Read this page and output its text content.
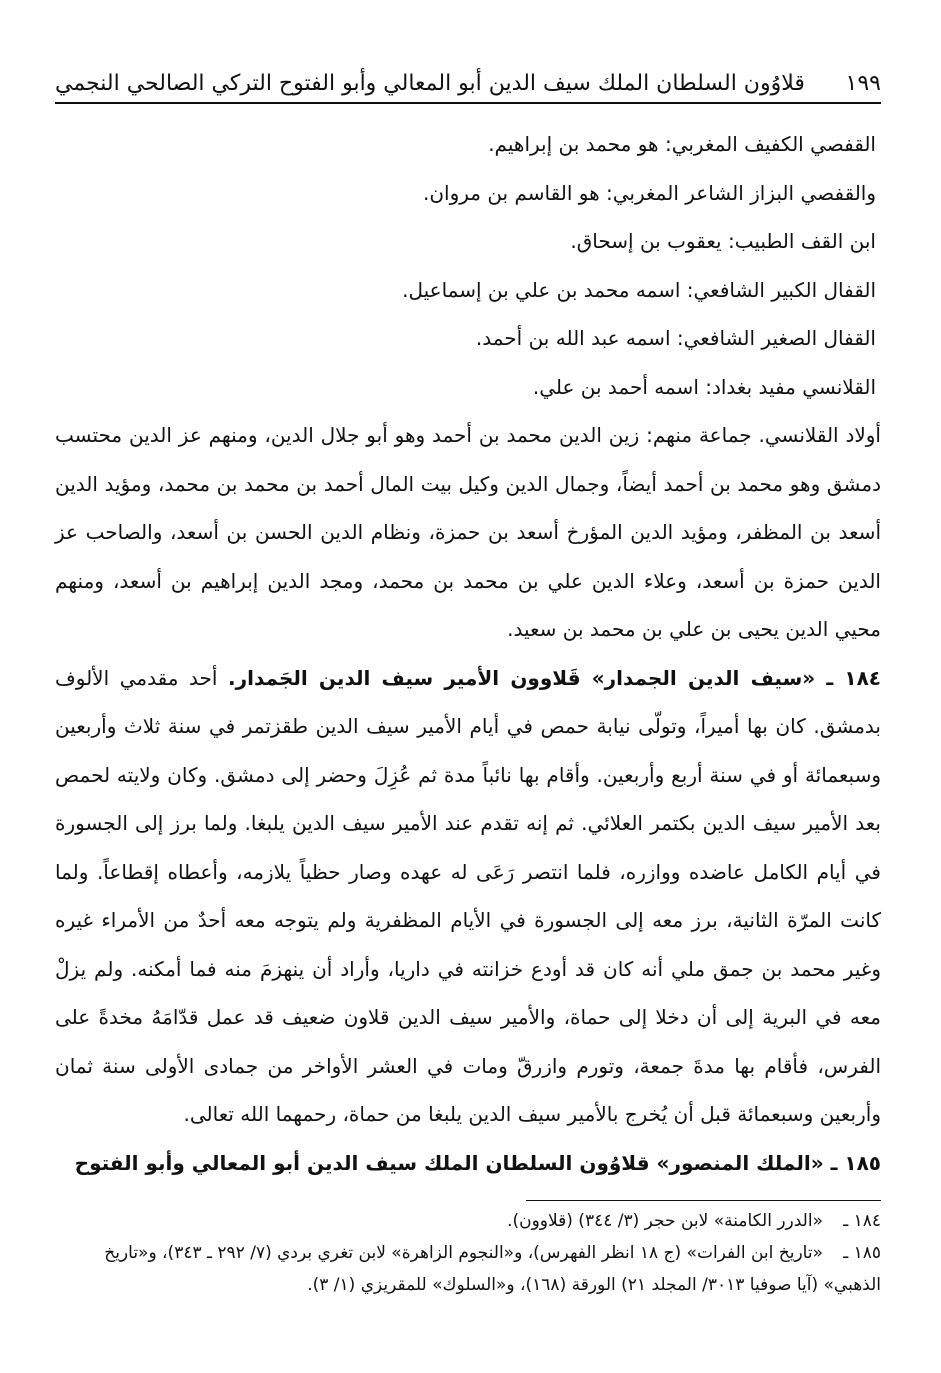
قلاوُون السلطان الملك سيف الدين أبو المعالي وأبو الفتوح التركي الصالحي النجمي ١٩٩

القفصي الكفيف المغربي: هو محمد بن إبراهيم.

والقفصي البزاز الشاعر المغربي: هو القاسم بن مروان.

ابن القف الطبيب: يعقوب بن إسحاق.

القفال الكبير الشافعي: اسمه محمد بن علي بن إسماعيل.

القفال الصغير الشافعي: اسمه عبد الله بن أحمد.

القلانسي مفيد بغداد: اسمه أحمد بن علي.

أولاد القلانسي. جماعة منهم: زين الدين محمد بن أحمد وهو أبو جلال الدين، ومنهم عز الدين محتسب دمشق وهو محمد بن أحمد أيضاً، وجمال الدين وكيل بيت المال أحمد بن محمد بن محمد، ومؤيد الدين أسعد بن المظفر، ومؤيد الدين المؤرخ أسعد بن حمزة، ونظام الدين الحسن بن أسعد، والصاحب عز الدين حمزة بن أسعد، وعلاء الدين علي بن محمد بن محمد، ومجد الدين إبراهيم بن أسعد، ومنهم محيي الدين يحيى بن علي بن محمد بن سعيد.

١٨٤ ـ «سيف الدين الجمدار» قَلاوون الأمير سيف الدين الجَمدار. أحد مقدمي الألوف بدمشق. كان بها أميراً، وتولّى نيابة حمص في أيام الأمير سيف الدين طقزتمر في سنة ثلاث وأربعين وسبعمائة أو في سنة أربع وأربعين. وأقام بها نائباً مدة ثم عُزِلَ وحضر إلى دمشق. وكان ولايته لحمص بعد الأمير سيف الدين بكتمر العلائي. ثم إنه تقدم عند الأمير سيف الدين يلبغا. ولما برز إلى الجسورة في أيام الكامل عاضده ووازره، فلما انتصر رَعَى له عهده وصار حظياً يلازمه، وأعطاه إقطاعاً. ولما كانت المرّة الثانية، برز معه إلى الجسورة في الأيام المظفرية ولم يتوجه معه أحدٌ من الأمراء غيره وغير محمد بن جمق ملي أنه كان قد أودع خزانته في داريا، وأراد أن ينهزمَ منه فما أمكنه. ولم يزلْ معه في البرية إلى أن دخلا إلى حماة، والأمير سيف الدين قلاون ضعيف قد عمل قدّامَهُ مخدةً على الفرس، فأقام بها مدةَ جمعة، وتورم وازرقّ ومات في العشر الأواخر من جمادى الأولى سنة ثمان وأربعين وسبعمائة قبل أن يُخرج بالأمير سيف الدين يلبغا من حماة، رحمهما الله تعالى.

١٨٥ ـ «الملك المنصور» قلاوُون السلطان الملك سيف الدين أبو المعالي وأبو الفتوح

١٨٤ ـ«الدرر الكامنة» لابن حجر (٣/ ٣٤٤) (قلاوون).

١٨٥ ـ«تاريخ ابن الفرات» (ج ١٨ انظر الفهرس)، و«النجوم الزاهرة» لابن تغري بردي (٧/ ٢٩٢ ـ ٣٤٣)، و«تاريخ الذهبي» (آيا صوفيا ٣٠١٣/ المجلد ٢١) الورقة (١٦٨)، و«السلوك» للمقريزي (١/ ٣).
